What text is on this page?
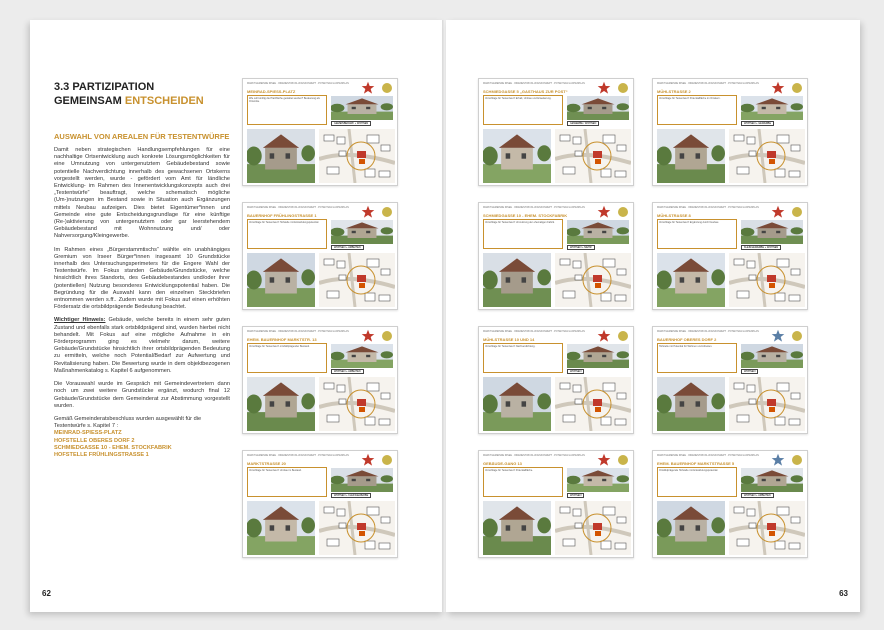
3.3 PARTIZIPATION
GEMEINSAM ENTSCHEIDEN
AUSWAHL VON AREALEN FÜR TESTENTWÜRFE

Damit neben strategischen Handlungsempfehlungen für eine nachhaltige Ortsentwicklung auch konkrete Lösungsmöglichkeiten für eine Umnutzung von untergenutztem Gebäudebestand sowie potentielle Nachverdichtung innerhalb des gewachsenen Ortskerns vorgestellt werden, wurde - gefördert vom Amt für ländliche Entwicklung- im Rahmen des Innenentwicklungskonzepts auch drei „Testentwürfe“ beauftragt, welche schematisch mögliche (Um-)nutzungen im Bestand sowie in Situation auch Ergänzungen mittels Neubau aufzeigen. Dies bietet Eigentümer*innen und Gemeinde eine gute Entscheidungsgrundlage für eine künftige (Re-)aktivierung von untergenutztem oder gar leerstehendem Gebäudebestand mit Wohnnutzung und/ oder Nahversorgung/Kleingewerbe.

Im Rahmen eines „Bürgerstammtischs“ wählte ein unabhängiges Gremium von Irseer Bürger*innen insgesamt 10 Grundstücke innerhalb des Untersuchungsperimeters für die Engere Wahl der Testentwürfe. Im Fokus standen Gebäude/Grundstücke, welche hinsichtlich ihres Standorts, des Gebäudebestandes und/oder ihrer (potentiellen) Nutzung besonderes Entwicklungspotential haben. Die Begründung für die Auswahl kann den einzelnen Steckbriefen entnommen werden s.ff.. Zudem wurde mit Fokus auf einen erhöhten Fördersatz die ortsbildprägende Bedeutung beachtet.

Wichtiger Hinweis: Gebäude, welche bereits in einem sehr guten Zustand und ebenfalls stark ortsbildprägend sind, wurden hierbei nicht behandelt. Mit Fokus auf eine mögliche Aufnahme in ein Förderprogramm ging es vielmehr darum, weitere Gebäude/Grundstücke hinsichtlich ihrer ortsbildprägenden Bedeutung zu ermitteln, welche noch Potential/Bedarf zur Aufwertung und Revitalisierung haben. Die Bewertung wurde in dem objektbezogenen Maßnahmenkatalog s. Kapitel 6 aufgenommen.

Die Vorauswahl wurde im Gespräch mit Gemeindevertretern dann noch um zwei weitere Grundstücke ergänzt, wodurch final 12 Gebäude/Grundstücke dem Gemeinderat zur Abstimmung vorgestellt wurden.

Gemäß Gemeinderatsbeschluss wurden ausgewählt für die Testentwürfe s. Kapitel 7 :
MEINRAD-SPIESS-PLATZ
HOFSTELLE OBERES DORF 2
SCHMIEDGASSE 10 - EHEM. STOCKFABRIK
HOFSTELLE FRÜHLINGSTRASSE 1
62	63
MARKTGEMEINDE IRSEE · INNENENTWICKLUNGSKONZEPT · POTENTIALFLÄCHENPLAN
MEINRAD-SPIESS-PLATZ
Wie soll künftig die Platzfläche gestaltet werden? Bedeutung als Ortsmitte.
GEMEINBEDARF + WOHNEN
MARKTGEMEINDE IRSEE · INNENENTWICKLUNGSKONZEPT · POTENTIALFLÄCHENPLAN
SCHMIEDGASSE 5 „GASTHAUS ZUR POST“
Vorschläge für Testentwurf: Erhalt, Umbau und Erweiterung.
GEWERBE / WOHNEN
MARKTGEMEINDE IRSEE · INNENENTWICKLUNGSKONZEPT · POTENTIALFLÄCHENPLAN
MÜHLSTRASSE 2
Vorschläge für Testentwurf: Potentialfläche im Ortskern.
WOHNEN + GEWERBE
MARKTGEMEINDE IRSEE · INNENENTWICKLUNGSKONZEPT · POTENTIALFLÄCHENPLAN
BAUERNHOF FRÜHLINGSTRASSE 1
Vorschläge für Testentwurf: Hofstelle mit Entwicklungspotential.
WOHNEN + ARBEITEN
MARKTGEMEINDE IRSEE · INNENENTWICKLUNGSKONZEPT · POTENTIALFLÄCHENPLAN
SCHMIEDGASSE 10 - EHEM. STOCKFABRIK
Vorschläge für Testentwurf: Umnutzung der ehemaligen Fabrik.
WOHNEN + MEHR
MARKTGEMEINDE IRSEE · INNENENTWICKLUNGSKONZEPT · POTENTIALFLÄCHENPLAN
MÜHLSTRASSE 8
Vorschläge für Testentwurf: Ergänzung durch Neubau.
KLEINGEWERBE + WOHNEN
MARKTGEMEINDE IRSEE · INNENENTWICKLUNGSKONZEPT · POTENTIALFLÄCHENPLAN
EHEM. BAUERNHOF MARKTSTR. 13
Vorschläge für Testentwurf: ortsbildprägender Bestand.
WOHNEN + ARBEITEN
MARKTGEMEINDE IRSEE · INNENENTWICKLUNGSKONZEPT · POTENTIALFLÄCHENPLAN
MÜHLSTRASSE 10 UND 14
Vorschläge für Testentwurf: Nachverdichtung.
WOHNEN
MARKTGEMEINDE IRSEE · INNENENTWICKLUNGSKONZEPT · POTENTIALFLÄCHENPLAN
BAUERNHOF OBERES DORF 2
Hofstelle mit Potential für Wohnen und Arbeiten.
WOHNEN
MARKTGEMEINDE IRSEE · INNENENTWICKLUNGSKONZEPT · POTENTIALFLÄCHENPLAN
MARKTSTRASSE 20
Vorschläge für Testentwurf: Umbau im Bestand.
WOHNEN + KLEINGEWERBE
MARKTGEMEINDE IRSEE · INNENENTWICKLUNGSKONZEPT · POTENTIALFLÄCHENPLAN
GEBÄUDE-GANG 13
Vorschläge für Testentwurf: Potentialfläche.
WOHNEN
MARKTGEMEINDE IRSEE · INNENENTWICKLUNGSKONZEPT · POTENTIALFLÄCHENPLAN
EHEM. BAUERNHOF MARKTSTRASSE 5
Ortsbildprägende Hofstelle mit Entwicklungspotential.
WOHNEN + ARBEITEN
